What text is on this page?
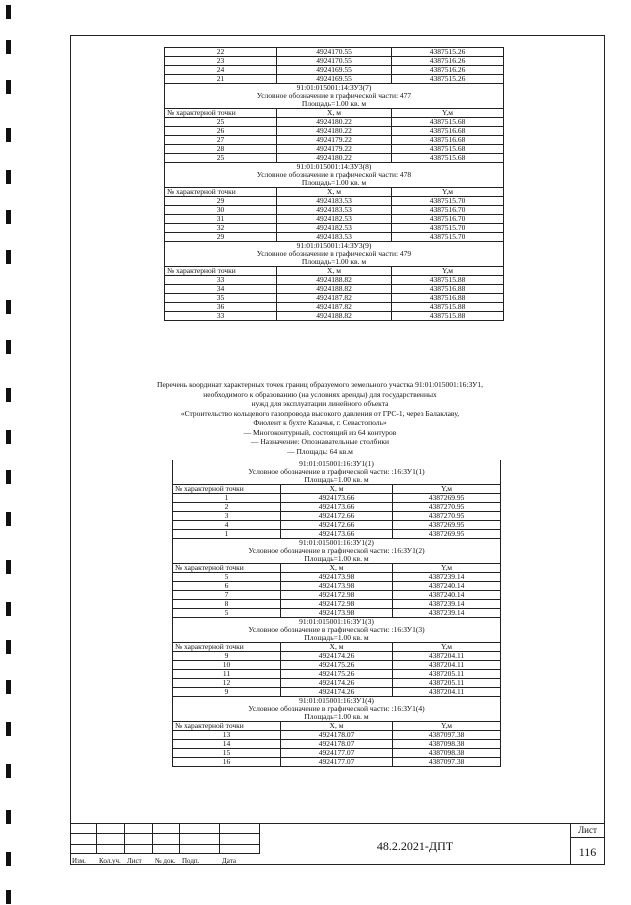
22	4924170.55	4387515.26
23	4924170.55	4387516.26
24	4924169.55	4387516.26
21	4924169.55	4387515.26
91:01:015001:14:ЗУ3(7)		
Условное обозначение в графической части: 477		
Площадь=1.00 кв. м		
№ характерной точки	X, м	Y,м
25	4924180.22	4387515.68
26	4924180.22	4387516.68
27	4924179.22	4387516.68
28	4924179.22	4387515.68
25	4924180.22	4387515.68
91:01:015001:14:ЗУ3(8)		
Условное обозначение в графической части: 478		
Площадь=1.00 кв. м		
№ характерной точки	X, м	Y,м
29	4924183.53	4387515.70
30	4924183.53	4387516.70
31	4924182.53	4387516.70
32	4924182.53	4387515.70
29	4924183.53	4387515.70
91:01:015001:14:ЗУ3(9)		
Условное обозначение в графической части: 479		
Площадь=1.00 кв. м		
№ характерной точки	X, м	Y,м
33	4924188.82	4387515.88
34	4924188.82	4387516.88
35	4924187.82	4387516.88
36	4924187.82	4387515.88
33	4924188.82	4387515.88
Перечень координат характерных точек границ образуемого земельного участка 91:01:015001:16:ЗУ1,
необходимого к образованию (на условиях аренды) для государственных
нужд для эксплуатации линейного объекта
«Строительство кольцевого газопровода высокого давления от ГРС-1, через Балаклаву,
Фиолент к бухте Казачья, г. Севастополь»
— Многоконтурный, состоящий из 64 контуров
— Назначение: Опознавательные столбики
— Площадь: 64 кв.м
91:01:015001:16:ЗУ1(1)		
Условное обозначение в графической части: :16:ЗУ1(1)		
Площадь=1.00 кв. м		
№ характерной точки	X, м	Y,м
1	4924173.66	4387269.95
2	4924173.66	4387270.95
3	4924172.66	4387270.95
4	4924172.66	4387269.95
1	4924173.66	4387269.95
91:01:015001:16:ЗУ1(2)		
Условное обозначение в графической части: :16:ЗУ1(2)		
Площадь=1.00 кв. м		
№ характерной точки	X, м	Y,м
5	4924173.98	4387239.14
6	4924173.98	4387240.14
7	4924172.98	4387240.14
8	4924172.98	4387239.14
5	4924173.98	4387239.14
91:01:015001:16:ЗУ1(3)		
Условное обозначение в графической части: :16:ЗУ1(3)		
Площадь=1.00 кв. м		
№ характерной точки	X, м	Y,м
9	4924174.26	4387204.11
10	4924175.26	4387204.11
11	4924175.26	4387205.11
12	4924174.26	4387205.11
9	4924174.26	4387204.11
91:01:015001:16:ЗУ1(4)		
Условное обозначение в графической части: :16:ЗУ1(4)		
Площадь=1.00 кв. м		
№ характерной точки	X, м	Y,м
13	4924178.07	4387097.38
14	4924178.07	4387098.38
15	4924177.07	4387098.38
16	4924177.07	4387097.38
Изм. Кол.уч. Лист № док. Подп.	Дата
48.2.2021-ДПТ
Лист
116
